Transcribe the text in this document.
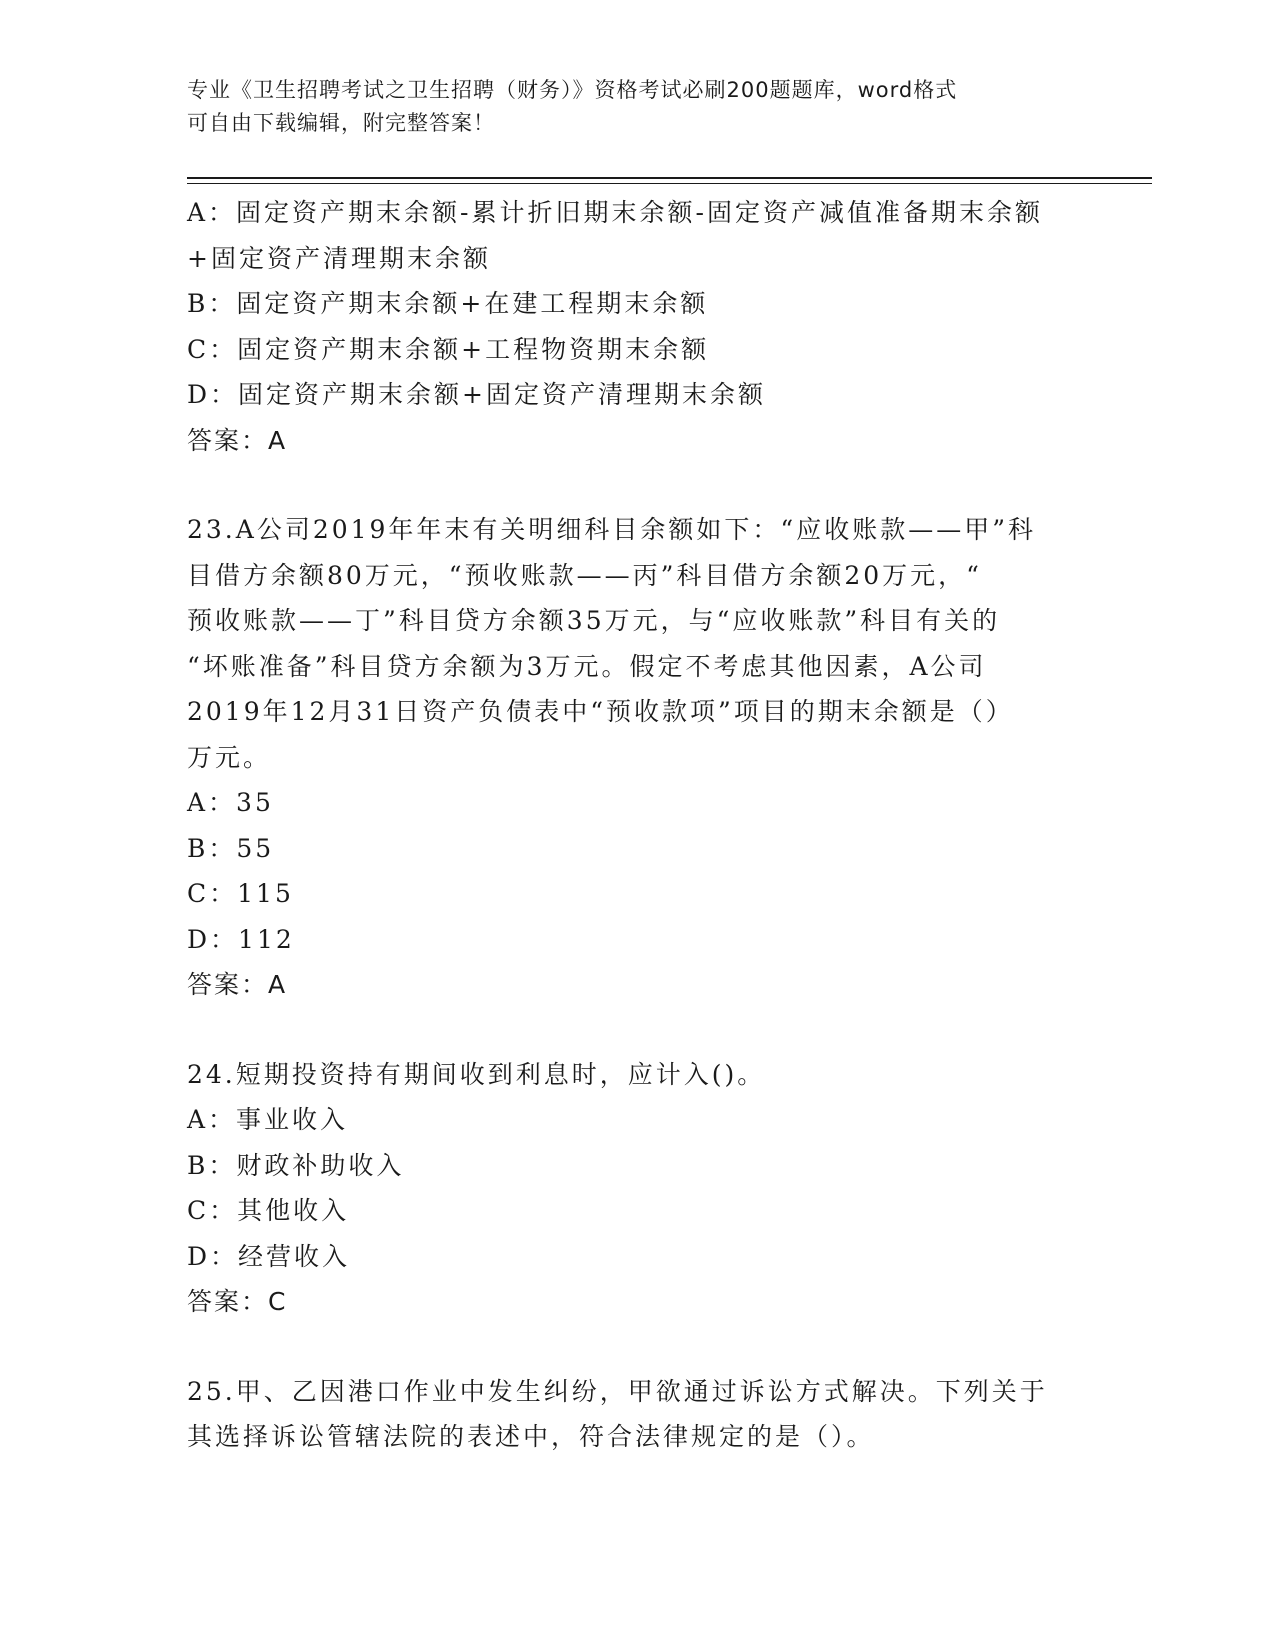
专业《卫生招聘考试之卫生招聘（财务）》资格考试必刷200题题库，word格式
可自由下载编辑，附完整答案！
A：固定资产期末余额-累计折旧期末余额-固定资产减值准备期末余额
+固定资产清理期末余额
B：固定资产期末余额+在建工程期末余额
C：固定资产期末余额+工程物资期末余额
D：固定资产期末余额+固定资产清理期末余额
答案：A
23.A公司2019年年末有关明细科目余额如下：“应收账款——甲”科
目借方余额80万元，“预收账款——丙”科目借方余额20万元，“
预收账款——丁”科目贷方余额35万元，与“应收账款”科目有关的
“坏账准备”科目贷方余额为3万元。假定不考虑其他因素，A公司
2019年12月31日资产负债表中“预收款项”项目的期末余额是（）
万元。
A：35
B：55
C：115
D：112
答案：A
24.短期投资持有期间收到利息时，应计入()。
A：事业收入
B：财政补助收入
C：其他收入
D：经营收入
答案：C
25.甲、乙因港口作业中发生纠纷，甲欲通过诉讼方式解决。下列关于
其选择诉讼管辖法院的表述中，符合法律规定的是（）。
